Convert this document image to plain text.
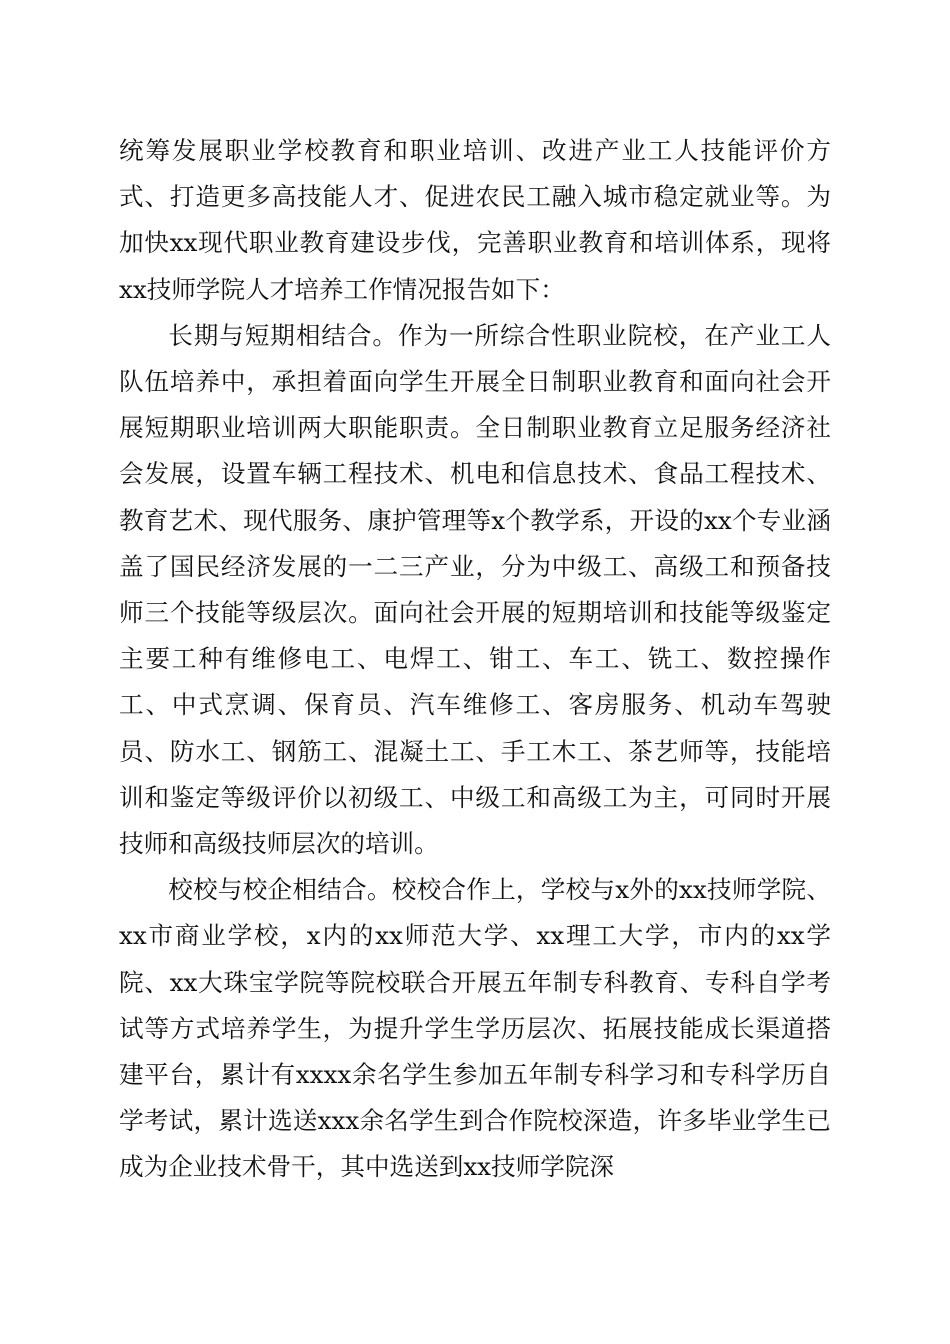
统筹发展职业学校教育和职业培训、改进产业工人技能评价方式、打造更多高技能人才、促进农民工融入城市稳定就业等。为加快xx现代职业教育建设步伐，完善职业教育和培训体系，现将xx技师学院人才培养工作情况报告如下：

长期与短期相结合。作为一所综合性职业院校，在产业工人队伍培养中，承担着面向学生开展全日制职业教育和面向社会开展短期职业培训两大职能职责。全日制职业教育立足服务经济社会发展，设置车辆工程技术、机电和信息技术、食品工程技术、教育艺术、现代服务、康护管理等x个教学系，开设的xx个专业涵盖了国民经济发展的一二三产业，分为中级工、高级工和预备技师三个技能等级层次。面向社会开展的短期培训和技能等级鉴定主要工种有维修电工、电焊工、钳工、车工、铣工、数控操作工、中式烹调、保育员、汽车维修工、客房服务、机动车驾驶员、防水工、钢筋工、混凝土工、手工木工、茶艺师等，技能培训和鉴定等级评价以初级工、中级工和高级工为主，可同时开展技师和高级技师层次的培训。

校校与校企相结合。校校合作上，学校与x外的xx技师学院、xx市商业学校，x内的xx师范大学、xx理工大学，市内的xx学院、xx大珠宝学院等院校联合开展五年制专科教育、专科自学考试等方式培养学生，为提升学生学历层次、拓展技能成长渠道搭建平台，累计有xxxx余名学生参加五年制专科学习和专科学历自学考试，累计选送xxx余名学生到合作院校深造，许多毕业学生已成为企业技术骨干，其中选送到xx技师学院深
